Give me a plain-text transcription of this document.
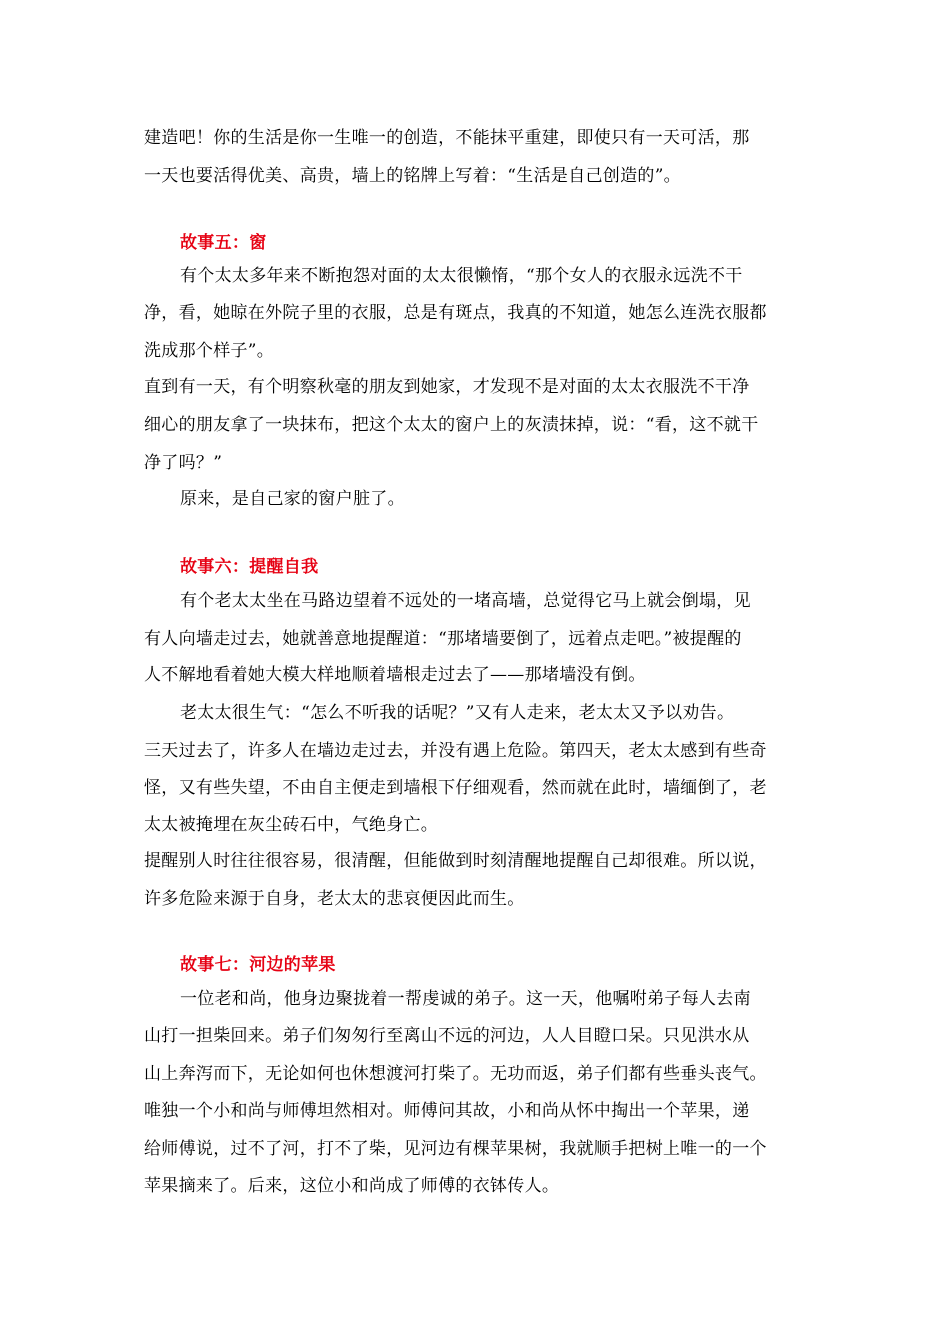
建造吧！你的生活是你一生唯一的创造，不能抹平重建，即使只有一天可活，那
一天也要活得优美、高贵，墙上的铭牌上写着：“生活是自己创造的”。
故事五：窗
有个太太多年来不断抱怨对面的太太很懒惰，“那个女人的衣服永远洗不干
净，看，她晾在外院子里的衣服，总是有斑点，我真的不知道，她怎么连洗衣服都
洗成那个样子”。
直到有一天，有个明察秋毫的朋友到她家，才发现不是对面的太太衣服洗不干净
细心的朋友拿了一块抹布，把这个太太的窗户上的灰渍抹掉，说：“看，这不就干
净了吗？”
原来，是自己家的窗户脏了。
故事六：提醒自我
有个老太太坐在马路边望着不远处的一堵高墙，总觉得它马上就会倒塌，见
有人向墙走过去，她就善意地提醒道：“那堵墙要倒了，远着点走吧。”被提醒的
人不解地看着她大模大样地顺着墙根走过去了——那堵墙没有倒。
老太太很生气：“怎么不听我的话呢？”又有人走来，老太太又予以劝告。
三天过去了，许多人在墙边走过去，并没有遇上危险。第四天，老太太感到有些奇
怪，又有些失望，不由自主便走到墙根下仔细观看，然而就在此时，墙缅倒了，老
太太被掩埋在灰尘砖石中，气绝身亡。
提醒别人时往往很容易，很清醒，但能做到时刻清醒地提醒自己却很难。所以说，
许多危险来源于自身，老太太的悲哀便因此而生。
故事七：河边的苹果
一位老和尚，他身边聚拢着一帮虔诚的弟子。这一天，他嘱咐弟子每人去南
山打一担柴回来。弟子们匆匆行至离山不远的河边，人人目瞪口呆。只见洪水从
山上奔泻而下，无论如何也休想渡河打柴了。无功而返，弟子们都有些垂头丧气。
唯独一个小和尚与师傅坦然相对。师傅问其故，小和尚从怀中掏出一个苹果，递
给师傅说，过不了河，打不了柴，见河边有棵苹果树，我就顺手把树上唯一的一个
苹果摘来了。后来，这位小和尚成了师傅的衣钵传人。
